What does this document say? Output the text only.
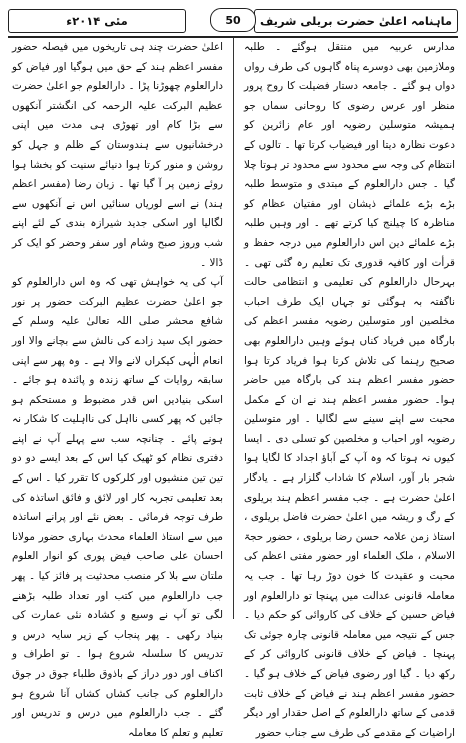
ماہنامہ اعلیٰ حضرت بریلی شریف
مئی ۲۰۱۴ء	50

مدارس عربیہ میں منتقل ہوگئے ۔ طلبہ وملازمین بھی دوسرے پناہ گاہوں کی طرف رواں دواں ہو گئے ۔ جامعہ دستار فضیلت کا روح پرور منظر اور عرس رضوی کا روحانی سماں جو ہمیشہ متوسلین رضویہ اور عام زائرین کو دعوت نظارہ دیتا اور فیضیاب کرتا تھا ۔ تالوں کے انتظام کی وجہ سے محدود سے محدود تر ہوتا چلا گیا ۔ جس دارالعلوم کے مبتدی و متوسط طلبہ بڑے بڑے علمائے ذیشان اور مفتیان عظام کو مناظرہ کا چیلنج کیا کرتے تھے ۔ اور وہیں طلبہ بڑے علمائے دین اس دارالعلوم میں درجہ حفظ و قرأت اور کافیہ قدوری تک تعلیم رہ گئی تھی ۔ بہرحال دارالعلوم کی تعلیمی و انتظامی حالت ناگفتہ بہ ہوگئی تو جہاں ایک طرف احباب مخلصین اور متوسلین رضویہ مفسر اعظم کی بارگاہ میں فریاد کناں ہوئے وہیں دارالعلوم بھی صحیح رہنما کی تلاش کرتا ہوا فریاد کرتا ہوا حضور مفسر اعظم ہند کی بارگاہ میں حاضر ہوا۔ حضور مفسر اعظم ہند نے ان کے مکمل محبت سے اپنے سینے سے لگالیا ۔ اور متوسلین رضویہ اور احباب و مخلصین کو تسلی دی ۔ ایسا کیوں نہ ہوتا کہ وہ آپ کے آباؤ اجداد کا لگایا ہوا شجر بار آور، اسلام کا شاداب گلزار ہے ۔ یادگار اعلیٰ حضرت ہے ۔ جب مفسر اعظم ہند بریلوی کے رگ و ریشہ میں اعلیٰ حضرت فاضل بریلوی ، استاذ زمن علامہ حسن رضا بریلوی ، حضور حجۃ الاسلام ، ملک العلماء اور حضور مفتی اعظم کی محبت و عقیدت کا خون دوڑ رہا تھا ۔ جب یہ معاملہ قانونی عدالت میں پہنچا تو دارالعلوم اور فیاض حسین کے خلاف کی کاروائی کو حکم دیا ۔ جس کے نتیجہ میں معاملہ قانونی چارہ جوئی تک پہنچا ۔ فیاض کے خلاف قانونی کاروائی کر کے رکھ دیا ۔ گیا اور رضوی فیاض کے خلاف ہو گیا ۔ حضور مفسر اعظم ہند نے فیاض کے خلاف ثابت قدمی کے ساتھ دارالعلوم کے اصل حقدار اور دیگر اراضیات کے مقدمے کی طرف سے جناب حضور

اعلیٰ حضرت چند ہی تاریخوں میں فیصلہ حضور مفسر اعظم ہند کے حق میں ہوگیا اور فیاض کو دارالعلوم چھوڑنا پڑا ۔ دارالعلوم جو اعلیٰ حضرت عظیم البرکت علیہ الرحمہ کی انگشتر آنکھوں سے بڑا کام اور تھوڑی ہی مدت میں اپنی درخشانیوں سے ہندوستان کے ظلم و جہل کو روشن و منور کرتا ہوا دنیائے سنیت کو بخشا ہوا روئے زمین پر آ گیا تھا ۔ زبان رضا (مفسر اعظم ہند) نے اسے لوریاں سنائیں اس نے آنکھوں سے لگالیا اور اسکی جدید شیرازہ بندی کے لئے اپنے شب وروز صبح وشام اور سفر وحضر کو ایک کر ڈالا ۔

آپ کی یہ خواہش تھی کہ وہ اس دارالعلوم کو جو اعلیٰ حضرت عظیم البرکت حضور پر نور شافع محشر صلی اللہ تعالیٰ علیہ وسلم کے حضور ایک سید زادے کی نالش سے بچانے والا اور انعام الٰہی کیکراں لانے والا ہے ۔ وہ پھر سے اپنی سابقہ روایات کے ساتھ زندہ و پائندہ ہو جائے ۔ اسکی بنیادیں اس قدر مضبوط و مستحکم ہو جائیں کہ پھر کسی نااہل کی نااہلیت کا شکار نہ ہونے پائے ۔ چنانچہ سب سے پہلے آپ نے اپنے دفتری نظام کو ٹھیک کیا اس کے بعد ایسے دو دو تین تین منشیوں اور کلرکوں کا تقرر کیا ۔ اس کے بعد تعلیمی تجربہ کار اور لائق و فائق اساتذہ کی طرف توجہ فرمائی ۔ بعض نئے اور پرانے اساتذہ میں سے استاذ العلماء محدث بہاری حضور مولانا احسان علی صاحب فیض پوری کو انوار العلوم ملتان سے بلا کر منصب محدثیت پر فائز کیا ۔ پھر جب دارالعلوم میں کتب اور تعداد طلبہ بڑھنے لگی تو آپ نے وسیع و کشادہ نئی عمارت کی بنیاد رکھی ۔ پھر پنجاب کے زیر سایہ درس و تدریس کا سلسلہ شروع ہوا ۔ تو اطراف و اکناف اور دور دراز کے باذوق طلباء جوق در جوق دارالعلوم کی جانب کشاں کشاں آنا شروع ہو گئے ۔ جب دارالعلوم میں درس و تدریس اور تعلیم و تعلم کا معاملہ
